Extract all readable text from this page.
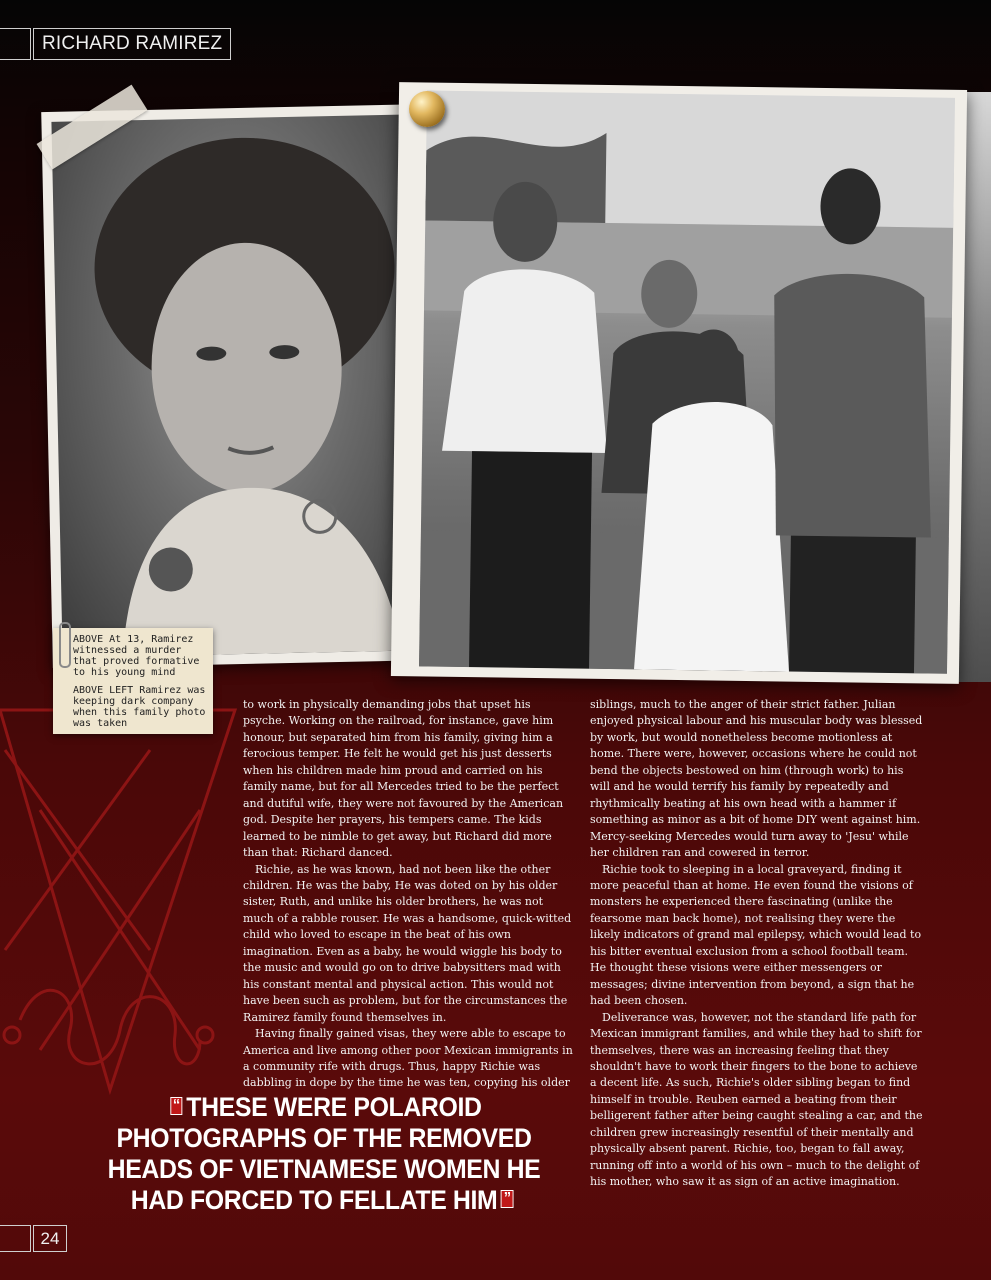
RICHARD RAMIREZ

ABOVE At 13, Ramirez witnessed a murder that proved formative to his young mind

ABOVE LEFT Ramirez was keeping dark company when this family photo was taken

to work in physically demanding jobs that upset his psyche. Working on the railroad, for instance, gave him honour, but separated him from his family, giving him a ferocious temper. He felt he would get his just desserts when his children made him proud and carried on his family name, but for all Mercedes tried to be the perfect and dutiful wife, they were not favoured by the American god. Despite her prayers, his tempers came. The kids learned to be nimble to get away, but Richard did more than that: Richard danced.

Richie, as he was known, had not been like the other children. He was the baby, He was doted on by his older sister, Ruth, and unlike his older brothers, he was not much of a rabble rouser. He was a handsome, quick-witted child who loved to escape in the beat of his own imagination. Even as a baby, he would wiggle his body to the music and would go on to drive babysitters mad with his constant mental and physical action. This would not have been such as problem, but for the circumstances the Ramirez family found themselves in.

Having finally gained visas, they were able to escape to America and live among other poor Mexican immigrants in a community rife with drugs. Thus, happy Richie was dabbling in dope by the time he was ten, copying his older

siblings, much to the anger of their strict father. Julian enjoyed physical labour and his muscular body was blessed by work, but would nonetheless become motionless at home. There were, however, occasions where he could not bend the objects bestowed on him (through work) to his will and he would terrify his family by repeatedly and rhythmically beating at his own head with a hammer if something as minor as a bit of home DIY went against him. Mercy-seeking Mercedes would turn away to 'Jesu' while her children ran and cowered in terror.

Richie took to sleeping in a local graveyard, finding it more peaceful than at home. He even found the visions of monsters he experienced there fascinating (unlike the fearsome man back home), not realising they were the likely indicators of grand mal epilepsy, which would lead to his bitter eventual exclusion from a school football team. He thought these visions were either messengers or messages; divine intervention from beyond, a sign that he had been chosen.

Deliverance was, however, not the standard life path for Mexican immigrant families, and while they had to shift for themselves, there was an increasing feeling that they shouldn't have to work their fingers to the bone to achieve a decent life. As such, Richie's older sibling began to find himself in trouble. Reuben earned a beating from their belligerent father after being caught stealing a car, and the children grew increasingly resentful of their mentally and physically absent parent. Richie, too, began to fall away, running off into a world of his own – much to the delight of his mother, who saw it as sign of an active imagination.

“ THESE WERE POLAROID PHOTOGRAPHS OF THE REMOVED HEADS OF VIETNAMESE WOMEN HE HAD FORCED TO FELLATE HIM ”
24
